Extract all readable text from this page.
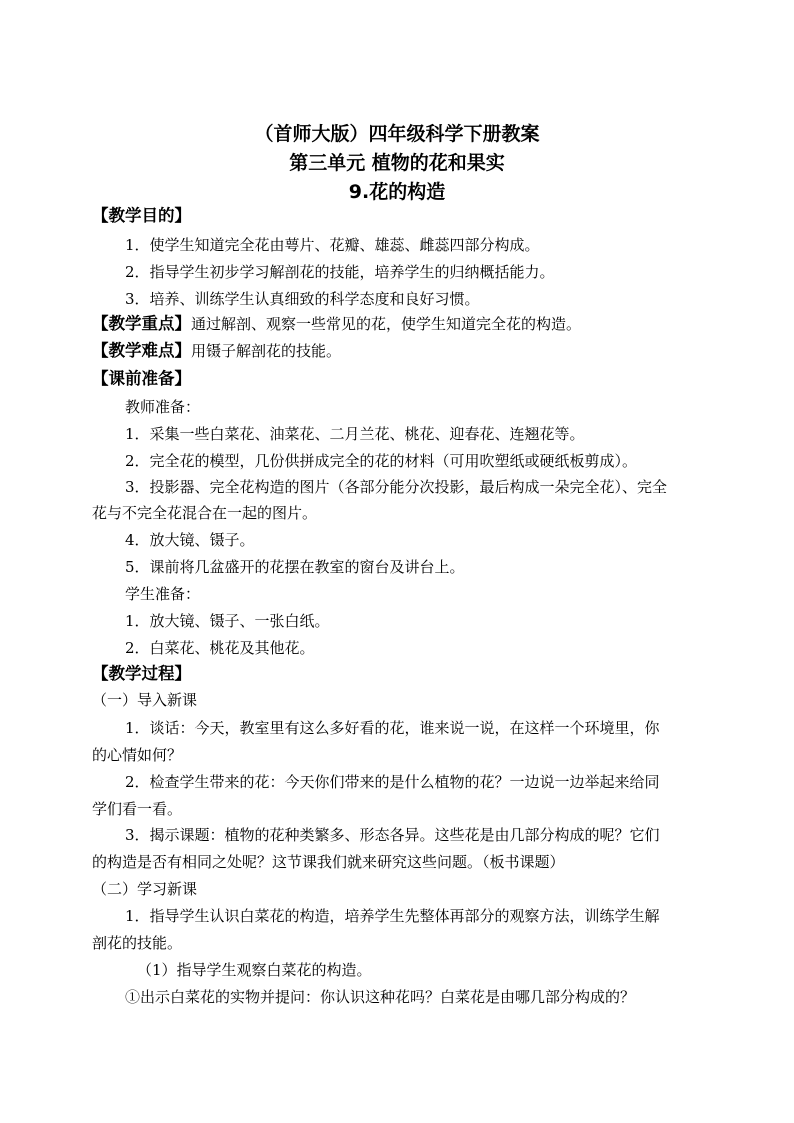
（首师大版）四年级科学下册教案
第三单元 植物的花和果实
9.花的构造
【教学目的】
1．使学生知道完全花由萼片、花瓣、雄蕊、雌蕊四部分构成。
2．指导学生初步学习解剖花的技能，培养学生的归纳概括能力。
3．培养、训练学生认真细致的科学态度和良好习惯。
【教学重点】通过解剖、观察一些常见的花，使学生知道完全花的构造。
【教学难点】用镊子解剖花的技能。
【课前准备】
教师准备：
1．采集一些白菜花、油菜花、二月兰花、桃花、迎春花、连翘花等。
2．完全花的模型，几份供拼成完全的花的材料（可用吹塑纸或硬纸板剪成）。
3．投影器、完全花构造的图片（各部分能分次投影，最后构成一朵完全花）、完全
花与不完全花混合在一起的图片。
4．放大镜、镊子。
5．课前将几盆盛开的花摆在教室的窗台及讲台上。
学生准备：
1．放大镜、镊子、一张白纸。
2．白菜花、桃花及其他花。
【教学过程】
（一）导入新课
1．谈话：今天，教室里有这么多好看的花，谁来说一说，在这样一个环境里，你
的心情如何？
2．检查学生带来的花：今天你们带来的是什么植物的花？一边说一边举起来给同
学们看一看。
3．揭示课题：植物的花种类繁多、形态各异。这些花是由几部分构成的呢？它们
的构造是否有相同之处呢？这节课我们就来研究这些问题。（板书课题）
（二）学习新课
1．指导学生认识白菜花的构造，培养学生先整体再部分的观察方法，训练学生解
剖花的技能。
（1）指导学生观察白菜花的构造。
①出示白菜花的实物并提问：你认识这种花吗？白菜花是由哪几部分构成的？
